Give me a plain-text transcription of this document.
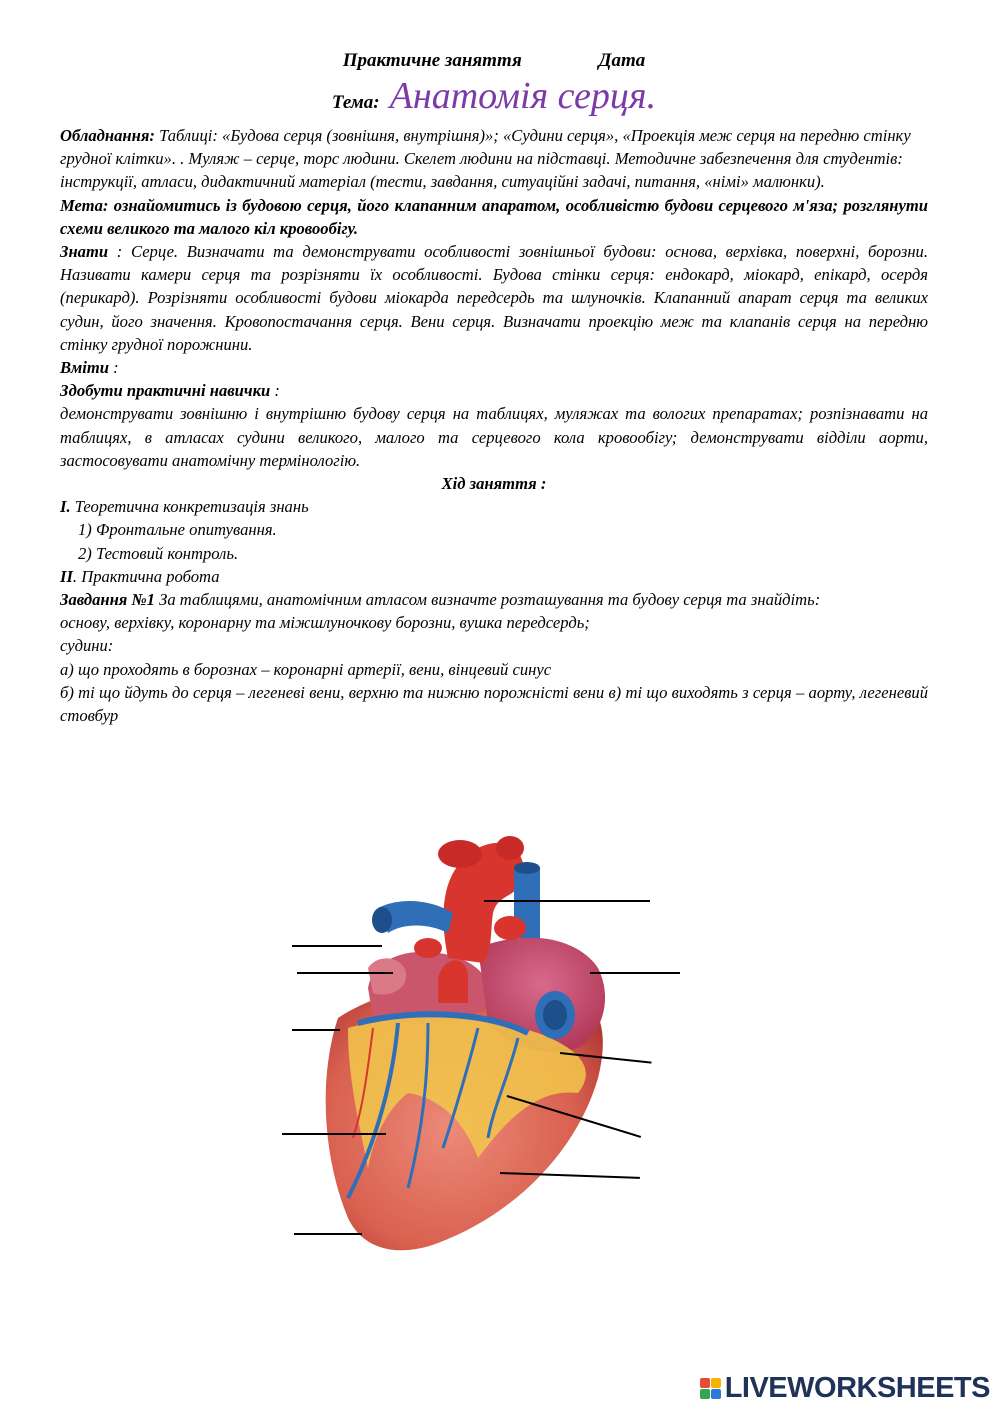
Практичне заняття	Дата
Тема: Анатомія серця.

Обладнання: Таблиці: «Будова серця (зовнішня, внутрішня)»; «Судини серця», «Проекція меж серця на передню стінку грудної клітки». . Муляж – серце, торс людини. Скелет людини на підставці. Методичне забезпечення для студентів: інструкції, атласи, дидактичний матеріал (тести, завдання, ситуаційні задачі, питання, «німі» малюнки).

Мета: ознайомитись із будовою серця, його клапанним апаратом, особливістю будови серцевого м'яза; розглянути схеми великого та малого кіл кровообігу.

Знати : Серце. Визначати та демонструвати особливості зовнішньої будови: основа, верхівка, поверхні, борозни. Називати камери серця та розрізняти їх особливості. Будова стінки серця: ендокард, міокард, епікард, осердя (перикард). Розрізняти особливості будови міокарда передсердь та шлуночків. Клапанний апарат серця та великих судин, його значення. Кровопостачання серця. Вени серця. Визначати проекцію меж та клапанів серця на передню стінку грудної порожнини.

Вміти :

Здобути практичні навички :

демонструвати зовнішню і внутрішню будову серця на таблицях, муляжах та вологих препаратах; розпізнавати на таблицях, в атласах судини великого, малого та серцевого кола кровообігу; демонструвати відділи аорти, застосовувати анатомічну термінологію.

Хід заняття :

I. Теоретична конкретизація знань

1) Фронтальне опитування.

2) Тестовий контроль.

II. Практична робота

Завдання №1 За таблицями, анатомічним атласом визначте розташування та будову серця та знайдіть:

основу, верхівку, коронарну та міжшлуночкову борозни, вушка передсердь;

судини:

а) що проходять в борознах – коронарні артерії, вени, вінцевий синус

б) ті що йдуть до серця – легеневі вени, верхню та нижню порожністі вени в) ті що виходять з серця – аорту, легеневий стовбур

LIVEWORKSHEETS
